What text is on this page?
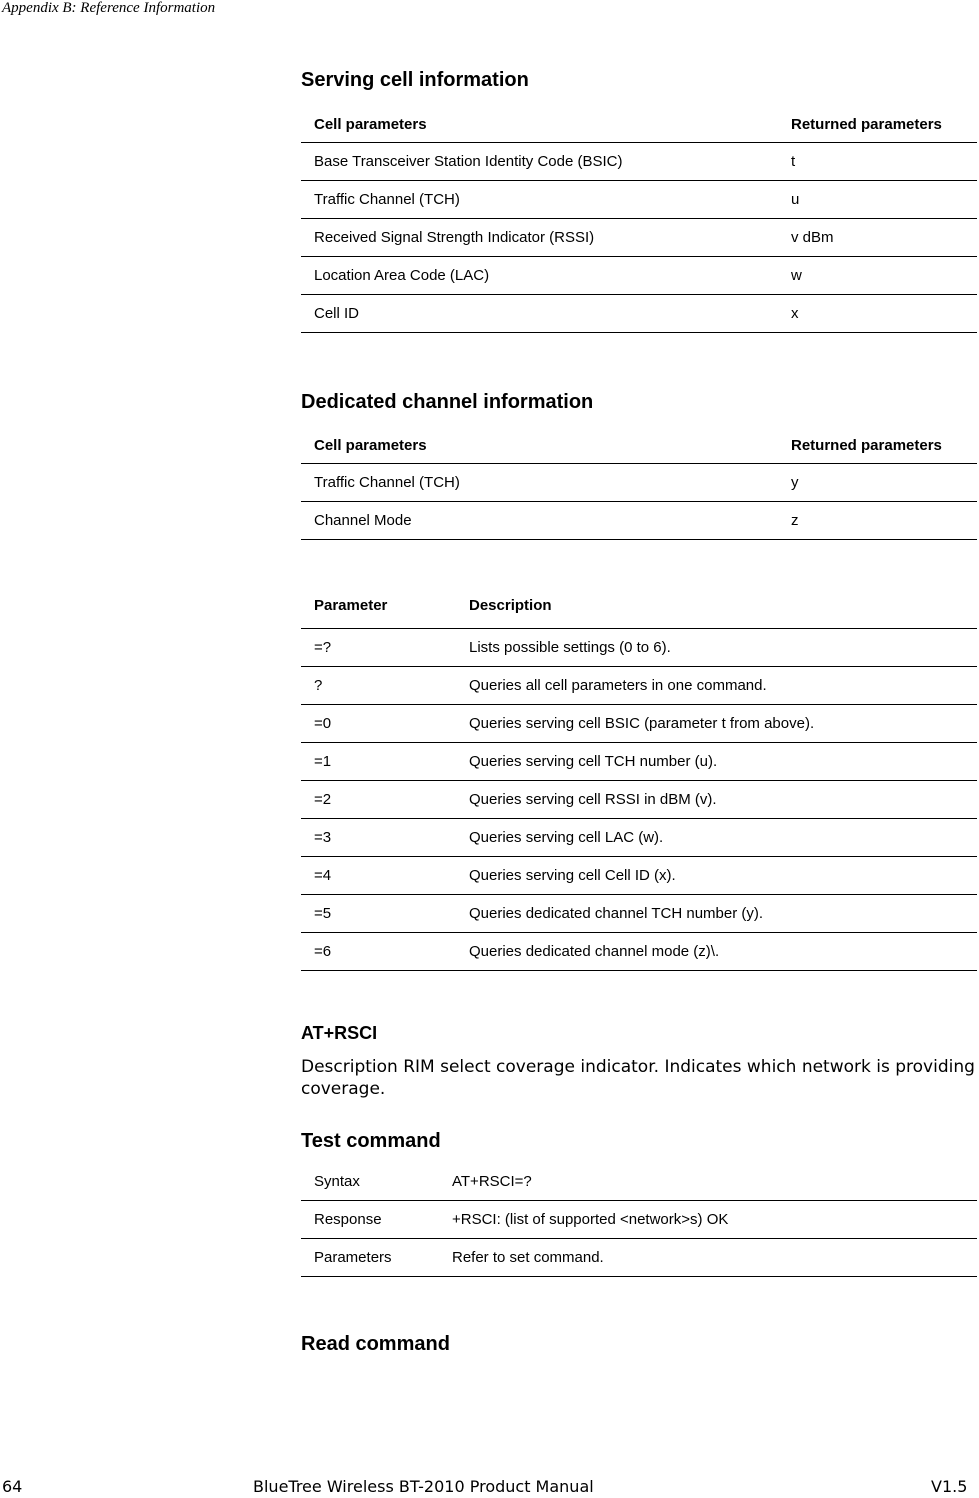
Appendix B: Reference Information
Serving cell information
Cell parameters	Returned parameters
Base Transceiver Station Identity Code (BSIC)	t
Traffic Channel (TCH)	u
Received Signal Strength Indicator (RSSI)	v dBm
Location Area Code (LAC)	w
Cell ID	x
Dedicated channel information
Cell parameters	Returned parameters
Traffic Channel (TCH)	y
Channel Mode	z
Parameter	Description
=?	Lists possible settings (0 to 6).
?	Queries all cell parameters in one command.
=0	Queries serving cell BSIC (parameter t from above).
=1	Queries serving cell TCH number (u).
=2	Queries serving cell RSSI in dBM (v).
=3	Queries serving cell LAC (w).
=4	Queries serving cell Cell ID (x).
=5	Queries dedicated channel TCH number (y).
=6	Queries dedicated channel mode (z)\.
AT+RSCI
Description RIM select coverage indicator. Indicates which network is providing coverage.
Test command
Syntax	AT+RSCI=?
Response	+RSCI: (list of supported <network>s) OK
Parameters	Refer to set command.
Read command
64	BlueTree Wireless BT-2010 Product Manual	V1.5
